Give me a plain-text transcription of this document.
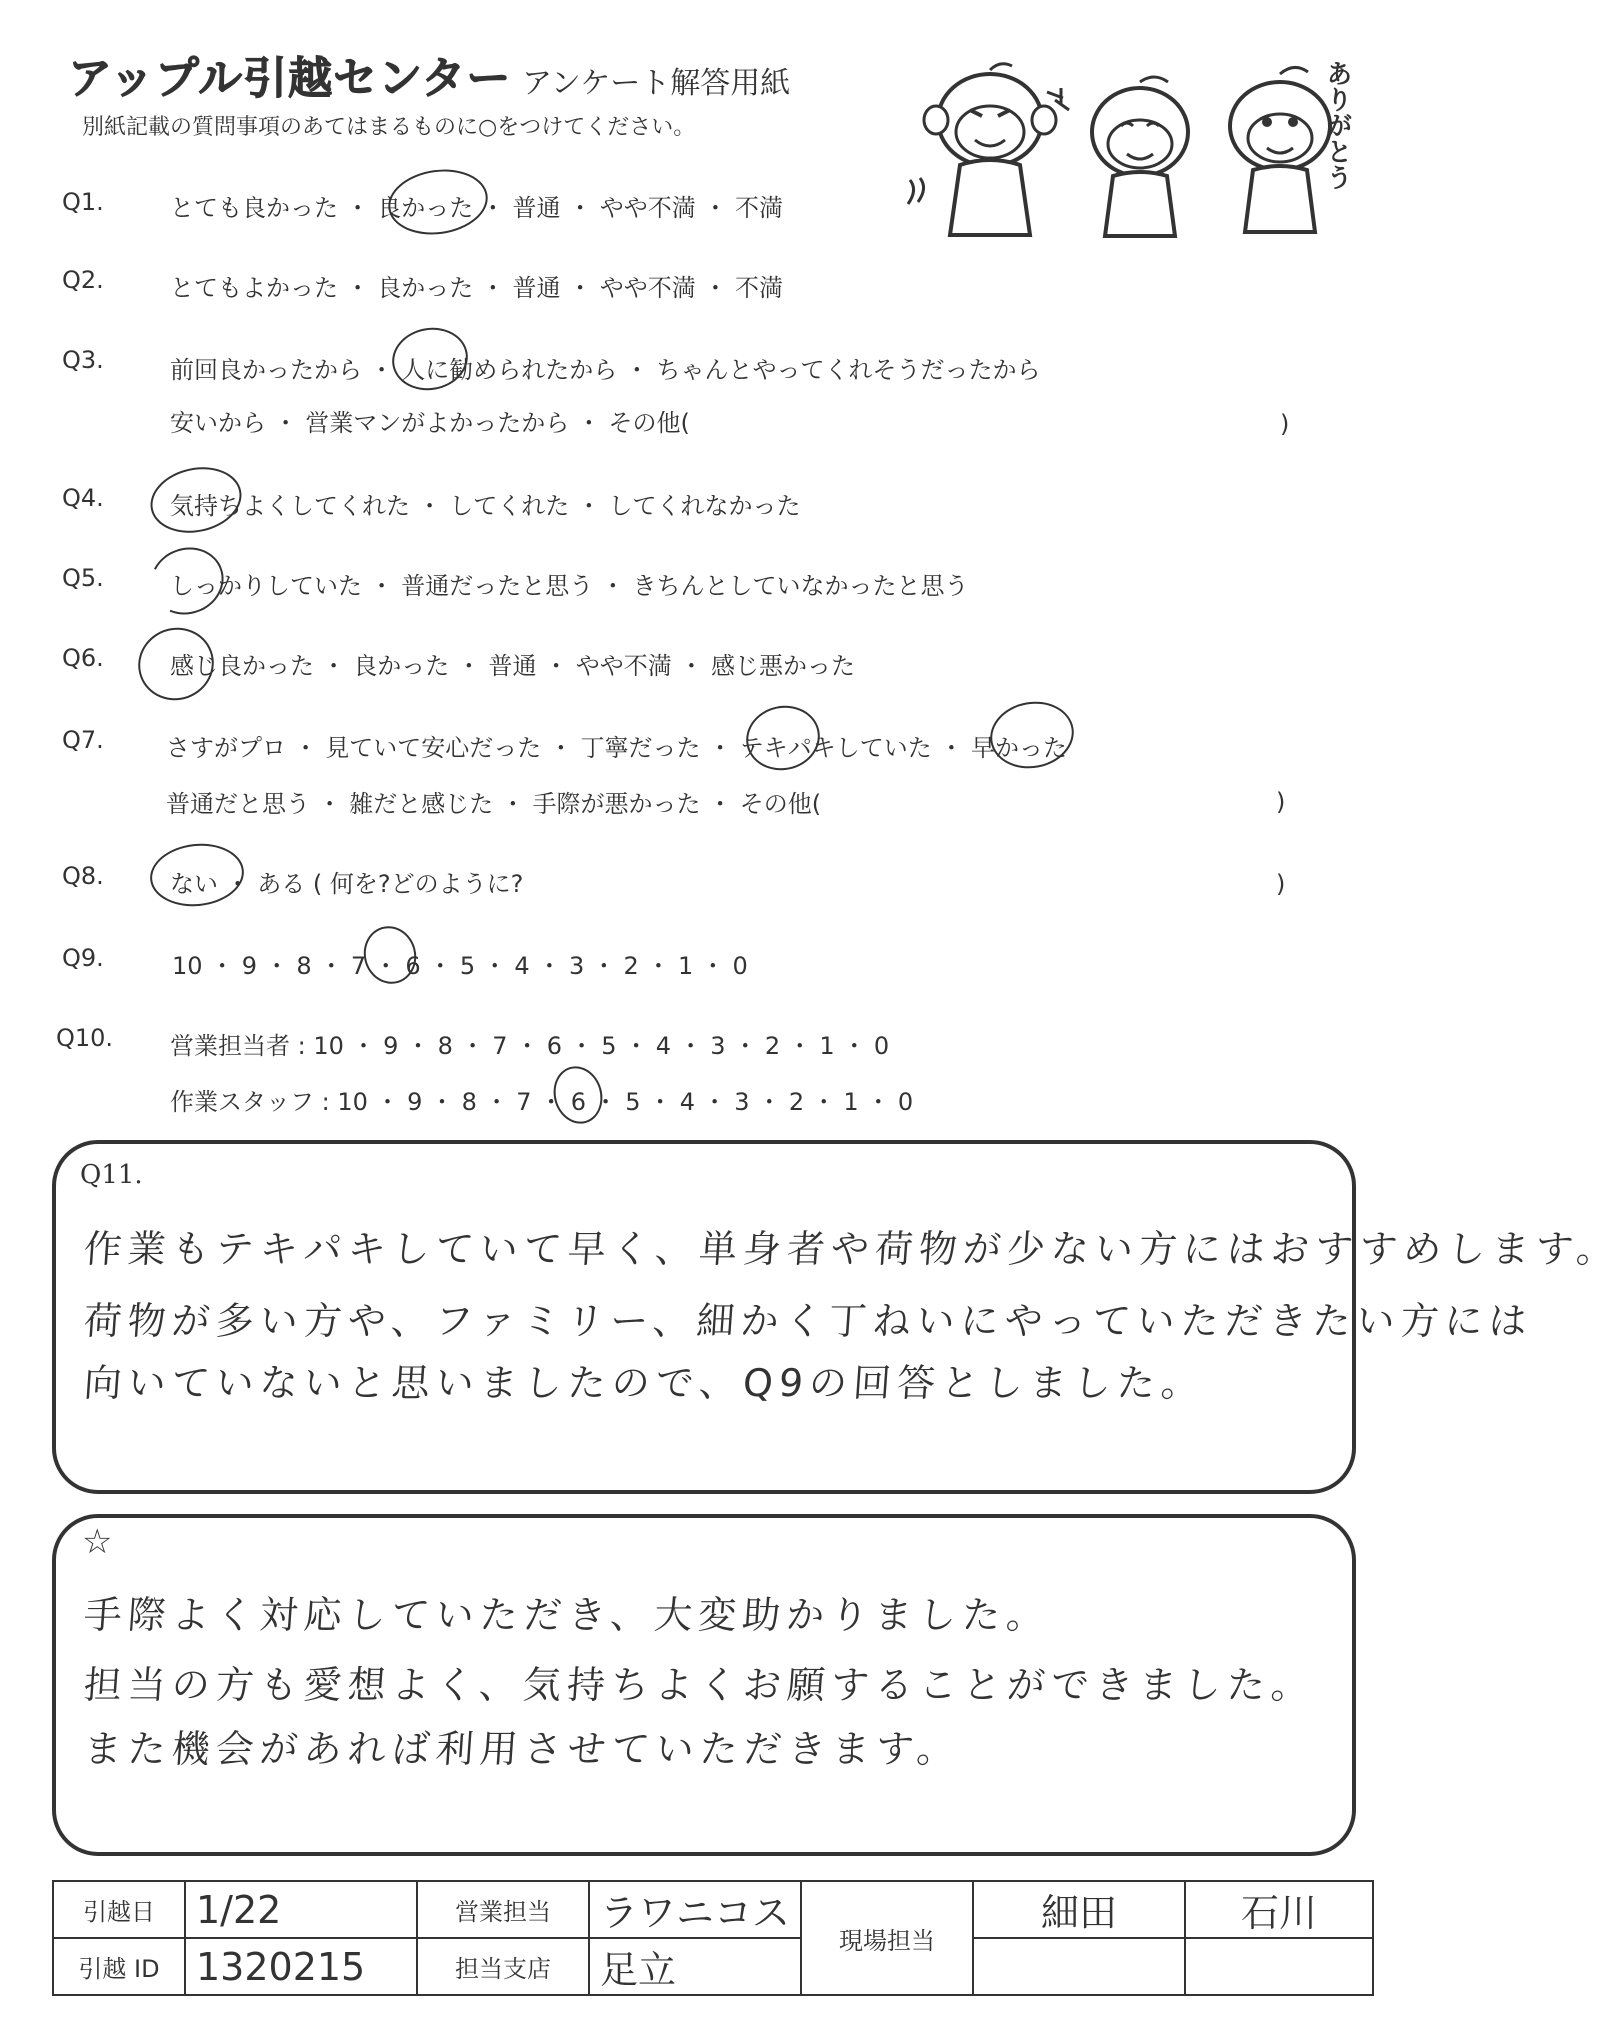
アップル引越センター アンケート解答用紙
別紙記載の質問事項のあてはまるものに○をつけてください。	ありがとう
Q1.	とても良かった ・ 良かった ・ 普通 ・ やや不満 ・ 不満
Q2.	とてもよかった ・ 良かった ・ 普通 ・ やや不満 ・ 不満
Q3.	前回良かったから ・ 人に勧められたから ・ ちゃんとやってくれそうだったから
安いから ・ 営業マンがよかったから ・ その他(	)
Q4.	気持ちよくしてくれた ・ してくれた ・ してくれなかった
Q5.	しっかりしていた ・ 普通だったと思う ・ きちんとしていなかったと思う
Q6.	感じ良かった ・ 良かった ・ 普通 ・ やや不満 ・ 感じ悪かった
Q7.	さすがプロ ・ 見ていて安心だった ・ 丁寧だった ・ テキパキしていた ・ 早かった
普通だと思う ・ 雑だと感じた ・ 手際が悪かった ・ その他(	)
Q8.	ない ・ ある ( 何を?どのように?	)
Q9.	10 ・ 9 ・ 8 ・ 7 ・ 6 ・ 5 ・ 4 ・ 3 ・ 2 ・ 1 ・ 0
Q10. 営業担当者 : 10 ・ 9 ・ 8 ・ 7 ・ 6 ・ 5 ・ 4 ・ 3 ・ 2 ・ 1 ・ 0
作業スタッフ : 10 ・ 9 ・ 8 ・ 7 ・ 6 ・ 5 ・ 4 ・ 3 ・ 2 ・ 1 ・ 0
Q11.
作業もテキパキしていて早く、単身者や荷物が少ない方にはおすすめします。
荷物が多い方や、ファミリー、細かく丁ねいにやっていただきたい方には
向いていないと思いましたので、Q9の回答としました。
☆
手際よく対応していただき、大変助かりました。
担当の方も愛想よく、気持ちよくお願することができました。
また機会があれば利用させていただきます。
引越日	1/22	営業担当	ラワニコス	現場担当	細田	石川
引越 ID	1320215	担当支店	足立			
